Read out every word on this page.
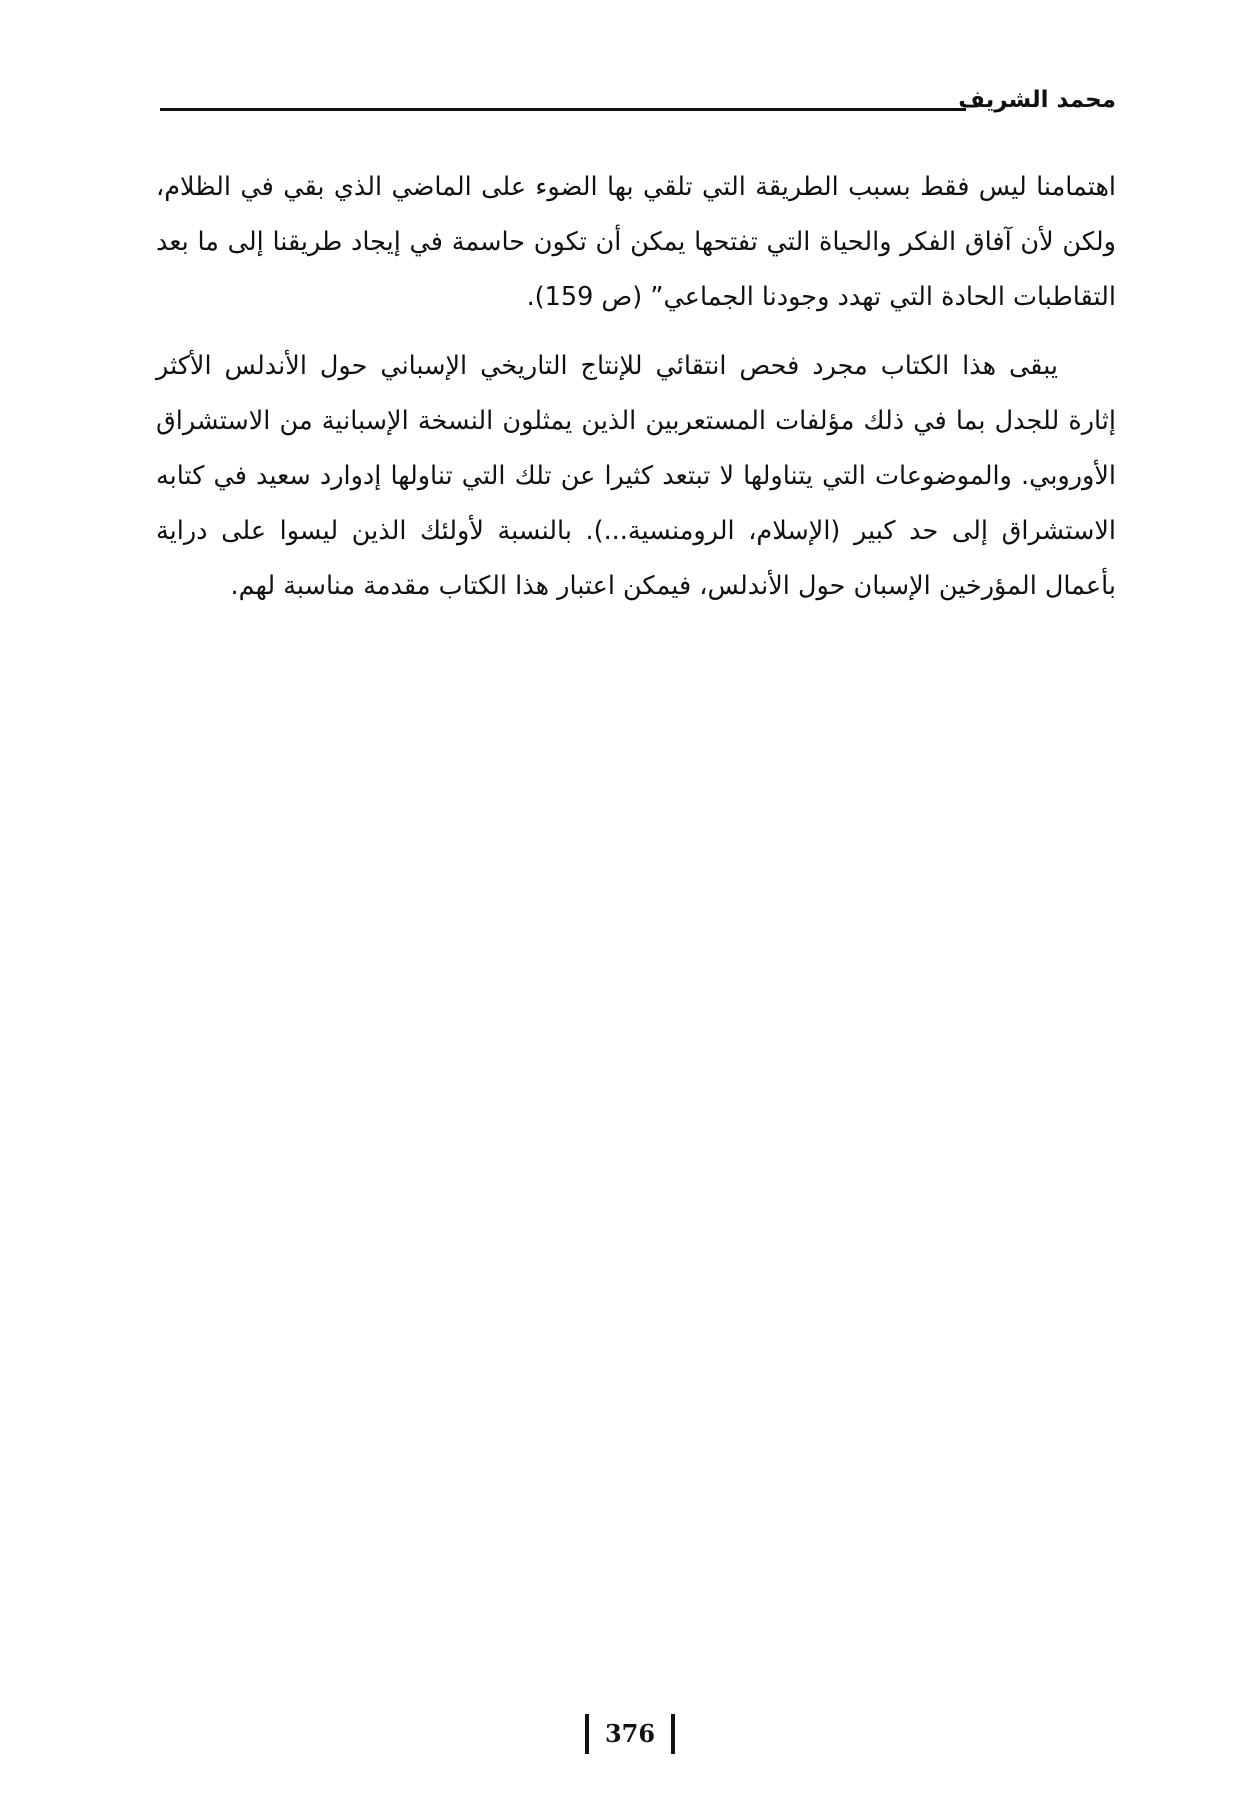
محمد الشريف

اهتمامنا ليس فقط بسبب الطريقة التي تلقي بها الضوء على الماضي الذي بقي في الظلام، ولكن لأن آفاق الفكر والحياة التي تفتحها يمكن أن تكون حاسمة في إيجاد طريقنا إلى ما بعد التقاطبات الحادة التي تهدد وجودنا الجماعي” (ص 159).

يبقى هذا الكتاب مجرد فحص انتقائي للإنتاج التاريخي الإسباني حول الأندلس الأكثر إثارة للجدل بما في ذلك مؤلفات المستعربين الذين يمثلون النسخة الإسبانية من الاستشراق الأوروبي. والموضوعات التي يتناولها لا تبتعد كثيرا عن تلك التي تناولها إدوارد سعيد في كتابه الاستشراق إلى حد كبير (الإسلام، الرومنسية...). بالنسبة لأولئك الذين ليسوا على دراية بأعمال المؤرخين الإسبان حول الأندلس، فيمكن اعتبار هذا الكتاب مقدمة مناسبة لهم.

376
